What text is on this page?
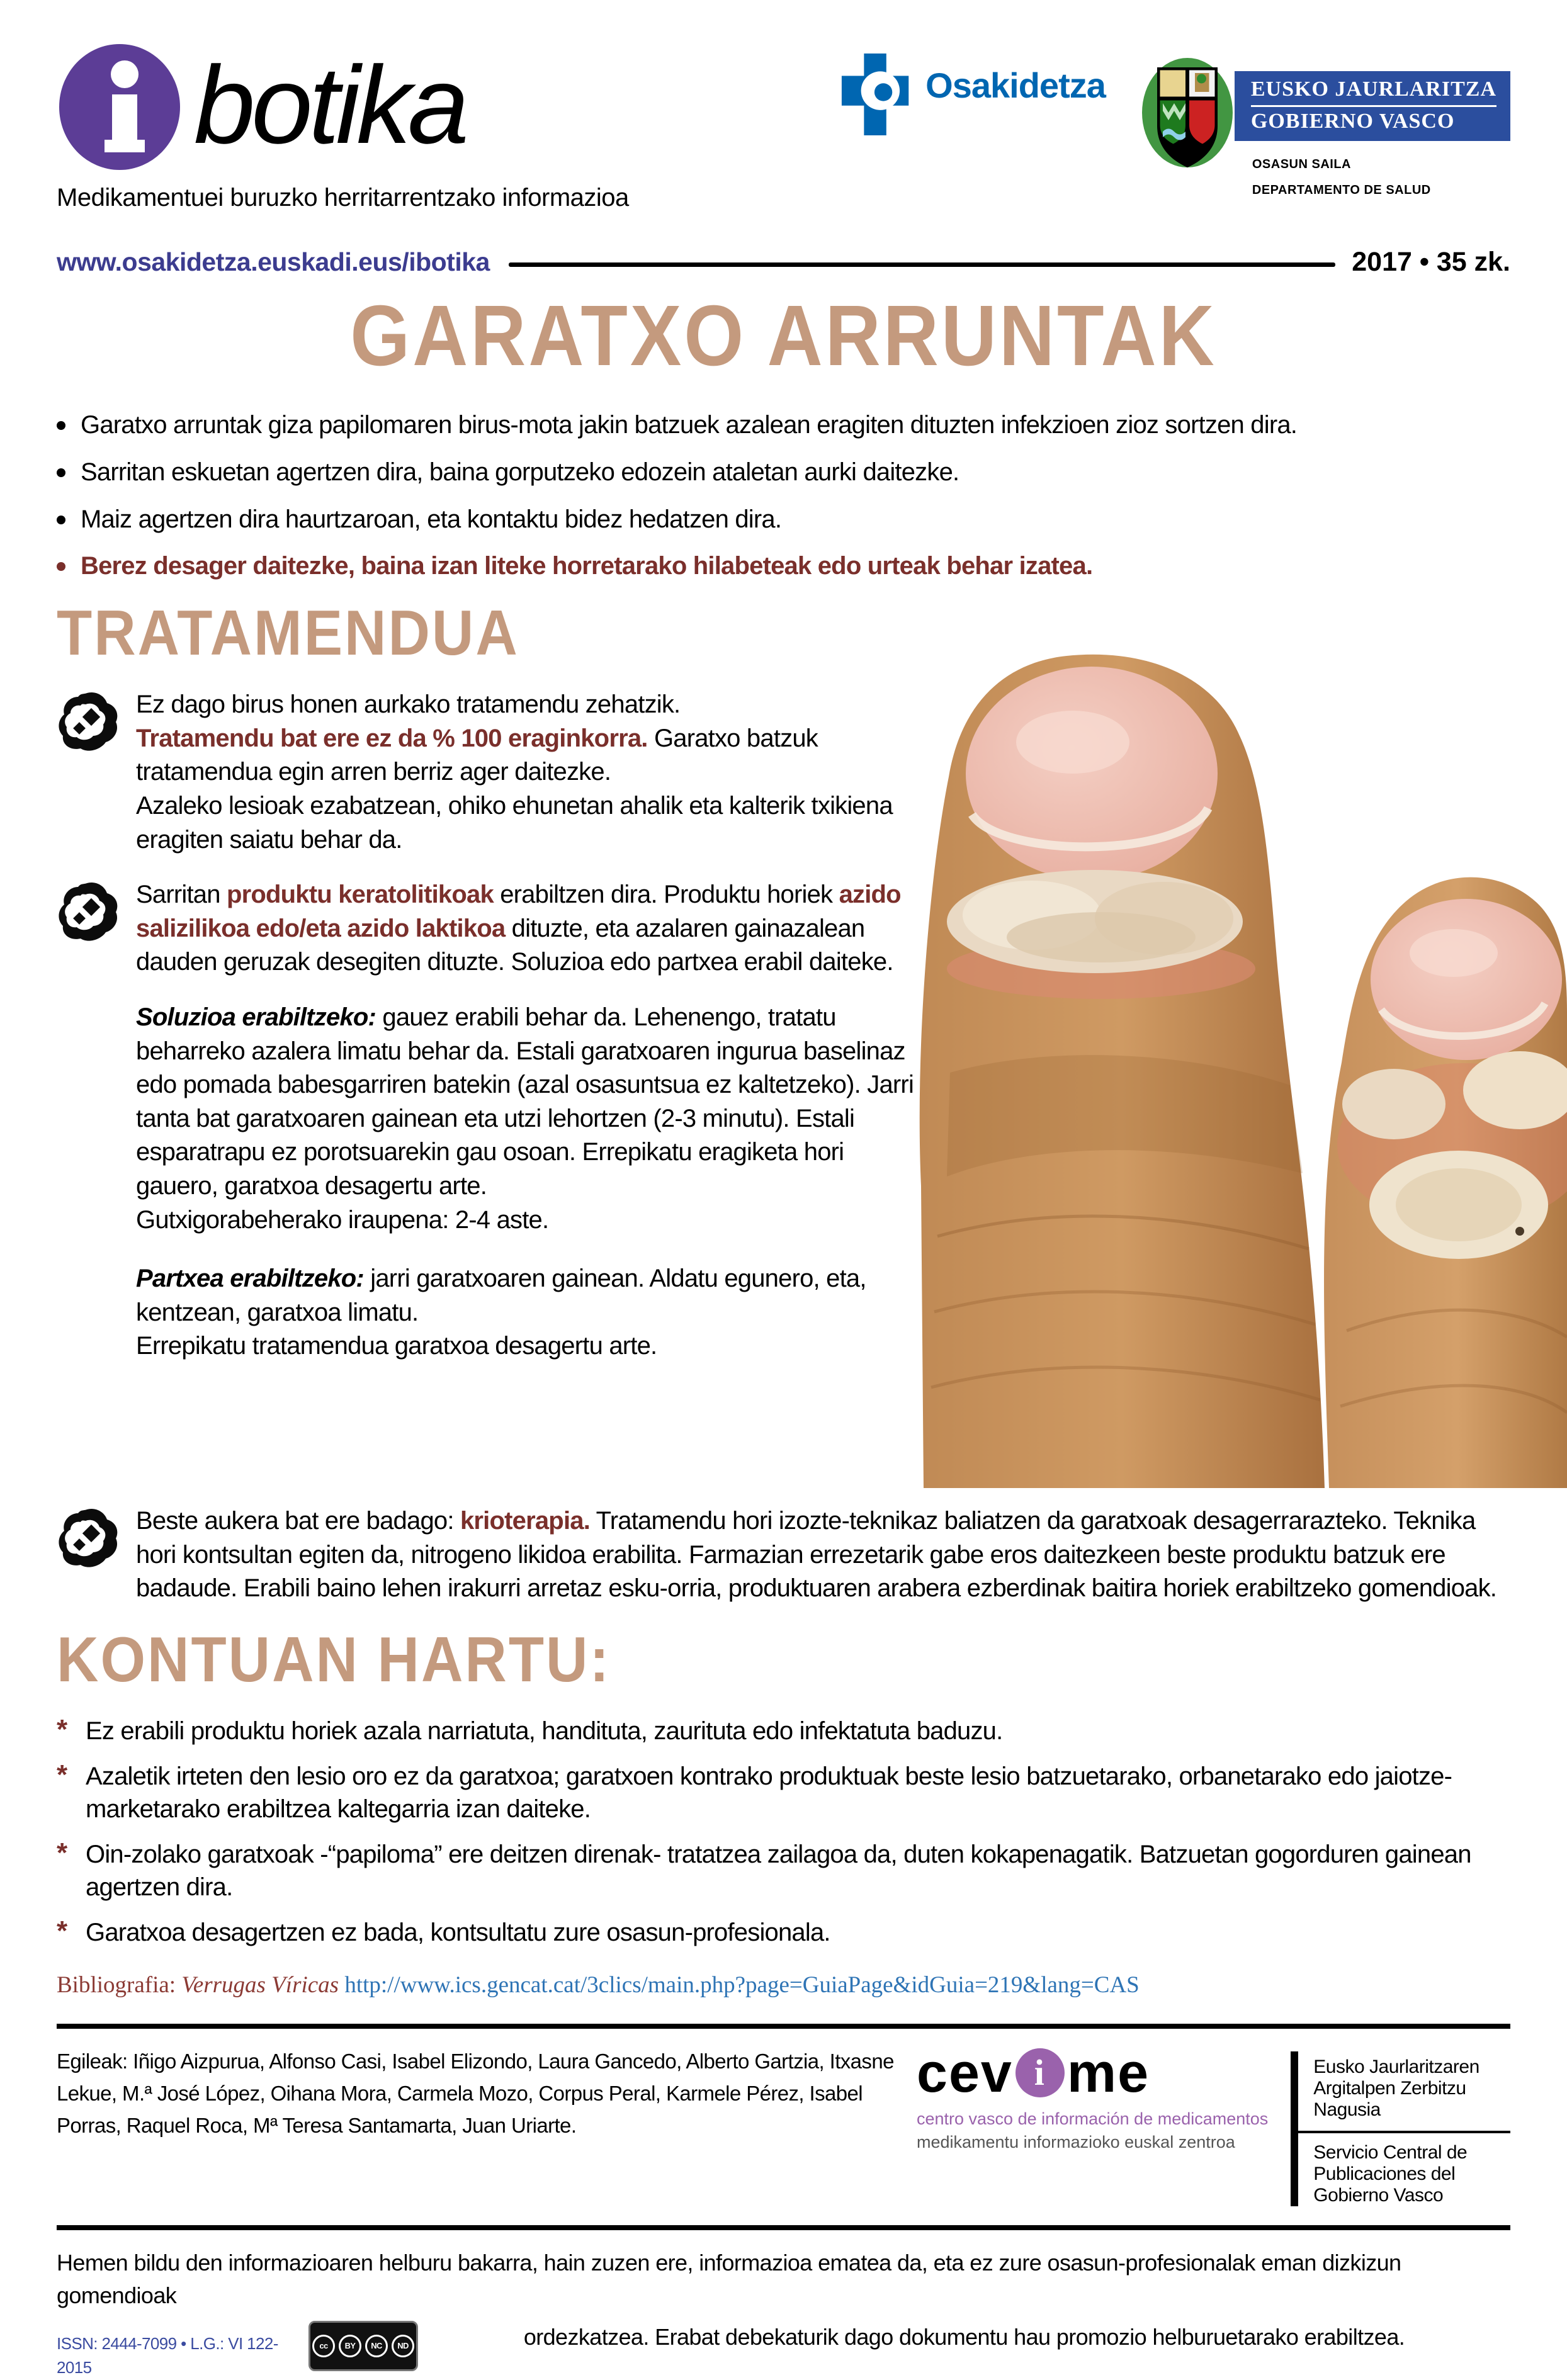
botika
Medikamentuei buruzko herritarrentzako informazioa
Osakidetza	EUSKO JAURLARITZA
GOBIERNO VASCO
OSASUN SAILA
DEPARTAMENTO DE SALUD
www.osakidetza.euskadi.eus/ibotika	2017 • 35 zk.
GARATXO ARRUNTAK
Garatxo arruntak giza papilomaren birus-mota jakin batzuek azalean eragiten dituzten infekzioen zioz sortzen dira.
Sarritan eskuetan agertzen dira, baina gorputzeko edozein ataletan aurki daitezke.
Maiz agertzen dira haurtzaroan, eta kontaktu bidez hedatzen dira.
Berez desager daitezke, baina izan liteke horretarako hilabeteak edo urteak behar izatea.
TRATAMENDUA
Ez dago birus honen aurkako tratamendu zehatzik.
Tratamendu bat ere ez da % 100 eraginkorra. Garatxo batzuk tratamendua egin arren berriz ager daitezke.
Azaleko lesioak ezabatzean, ohiko ehunetan ahalik eta kalterik txikiena eragiten saiatu behar da.
Sarritan produktu keratolitikoak erabiltzen dira. Produktu horiek azido salizilikoa edo/eta azido laktikoa dituzte, eta azalaren gainazalean dauden geruzak desegiten dituzte. Soluzioa edo partxea erabil daiteke.
Soluzioa erabiltzeko: gauez erabili behar da. Lehenengo, tratatu beharreko azalera limatu behar da. Estali garatxoaren ingurua baselinaz edo pomada babesgarriren batekin (azal osasuntsua ez kaltetzeko). Jarri tanta bat garatxoaren gainean eta utzi lehortzen (2-3 minutu). Estali esparatrapu ez porotsuarekin gau osoan. Errepikatu eragiketa hori gauero, garatxoa desagertu arte.
Gutxigorabeherako iraupena: 2-4 aste.
Partxea erabiltzeko: jarri garatxoaren gainean. Aldatu egunero, eta, kentzean, garatxoa limatu.
Errepikatu tratamendua garatxoa desagertu arte.
Beste aukera bat ere badago: krioterapia. Tratamendu hori izozte-teknikaz baliatzen da garatxoak desagerrarazteko. Teknika hori kontsultan egiten da, nitrogeno likidoa erabilita. Farmazian errezetarik gabe eros daitezkeen beste produktu batzuk ere badaude. Erabili baino lehen irakurri arretaz esku-orria, produktuaren arabera ezberdinak baitira horiek erabiltzeko gomendioak.
KONTUAN HARTU:
* Ez erabili produktu horiek azala narriatuta, handituta, zaurituta edo infektatuta baduzu.
* Azaletik irteten den lesio oro ez da garatxoa; garatxoen kontrako produktuak beste lesio batzuetarako, orbanetarako edo jaiotze-marketarako erabiltzea kaltegarria izan daiteke.
* Oin-zolako garatxoak -“papiloma” ere deitzen direnak- tratatzea zailagoa da, duten kokapenagatik. Batzuetan gogorduren gainean agertzen dira.
* Garatxoa desagertzen ez bada, kontsultatu zure osasun-profesionala.
Bibliografia: Verrugas Víricas http://www.ics.gencat.cat/3clics/main.php?page=GuiaPage&idGuia=219&lang=CAS
Egileak: Iñigo Aizpurua, Alfonso Casi, Isabel Elizondo, Laura Gancedo, Alberto Gartzia, Itxasne Lekue, M.ª José López, Oihana Mora, Carmela Mozo, Corpus Peral, Karmele Pérez, Isabel Porras, Raquel Roca, Mª Teresa Santamarta, Juan Uriarte.
cev i me
centro vasco de información de medicamentos
medikamentu informazioko euskal zentroa
Eusko Jaurlaritzaren Argitalpen Zerbitzu Nagusia
Servicio Central de Publicaciones del Gobierno Vasco
Hemen bildu den informazioaren helburu bakarra, hain zuzen ere, informazioa ematea da, eta ez zure osasun-profesionalak eman dizkizun gomendioak
ISSN: 2444-7099 • L.G.: VI 122-2015
cc	BY	NC	ND	ordezkatzea. Erabat debekaturik dago dokumentu hau promozio helburuetarako erabiltzea.
